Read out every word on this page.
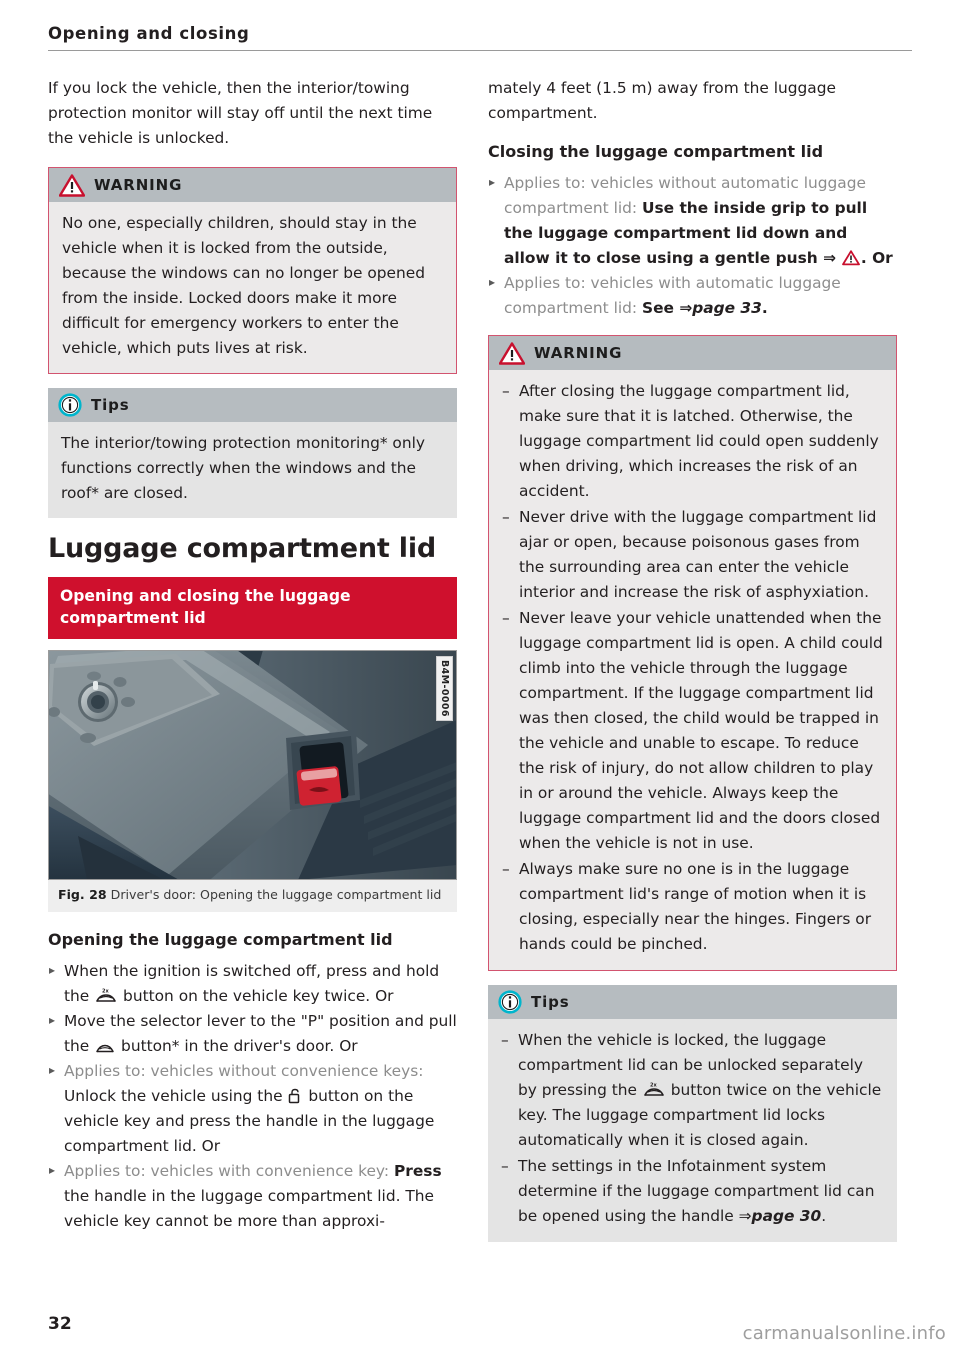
Opening and closing

If you lock the vehicle, then the interior/towing protection monitor will stay off until the next time the vehicle is unlocked.

WARNING
No one, especially children, should stay in the vehicle when it is locked from the outside, because the windows can no longer be opened from the inside. Locked doors make it more difficult for emergency workers to enter the vehicle, which puts lives at risk.
Tips
The interior/towing protection monitoring* only functions correctly when the windows and the roof* are closed.
Luggage compartment lid
Opening and closing the luggage compartment lid
B4M-0006
Fig. 28 Driver's door: Opening the luggage compartment lid
Opening the luggage compartment lid
▸ When the ignition is switched off, press and hold the 2x button on the vehicle key twice. Or
▸ Move the selector lever to the "P" position and pull the  button* in the driver's door. Or
▸ Applies to: vehicles without convenience keys: Unlock the vehicle using the  button on the vehicle key and press the handle in the luggage compartment lid. Or
▸ Applies to: vehicles with convenience key: Press the handle in the luggage compartment lid. The vehicle key cannot be more than approxi-

mately 4 feet (1.5 m) away from the luggage compartment.

Closing the luggage compartment lid
▸ Applies to: vehicles without automatic luggage compartment lid: Use the inside grip to pull the luggage compartment lid down and allow it to close using a gentle push ⇒ . Or
▸ Applies to: vehicles with automatic luggage compartment lid: See ⇒page 33.
WARNING
– After closing the luggage compartment lid, make sure that it is latched. Otherwise, the luggage compartment lid could open suddenly when driving, which increases the risk of an accident.
– Never drive with the luggage compartment lid ajar or open, because poisonous gases from the surrounding area can enter the vehicle interior and increase the risk of asphyxiation.
– Never leave your vehicle unattended when the luggage compartment lid is open. A child could climb into the vehicle through the luggage compartment. If the luggage compartment lid was then closed, the child would be trapped in the vehicle and unable to escape. To reduce the risk of injury, do not allow children to play in or around the vehicle. Always keep the luggage compartment lid and the doors closed when the vehicle is not in use.
– Always make sure no one is in the luggage compartment lid's range of motion when it is closing, especially near the hinges. Fingers or hands could be pinched.
Tips
– When the vehicle is locked, the luggage compartment lid can be unlocked separately by pressing the 2x button twice on the vehicle key. The luggage compartment lid locks automatically when it is closed again.
– The settings in the Infotainment system determine if the luggage compartment lid can be opened using the handle ⇒page 30.
32	carmanualsonline.info
